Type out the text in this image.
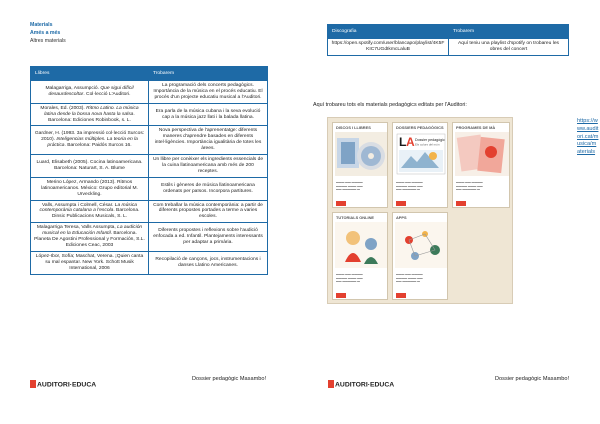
Materials
Amés a més
Altres materials
Llibres	Trobarem
Malagarriga, Assumpció. Que sigui difícil desaurdescoltar. Col·lecció L'Auditori.	La programació dels concerts pedagògics. Importància de la música en el procés educatiu. El procés d'un projecte educatiu musical a l'Auditori.
Morales, Ed. (2003). Ritmo Latino. La música latina desde la bossa nova hasta la salsa. Barcelona: Ediciones Robinbook, s. L.	Era parla de la música cubana i la seva evolució cap a la música jazz llati i la balada llatina.
Gardner, H. (1993. 3a impressió col·lecció Surcos: 2010). Inteligencias múltiples. La teoria en la práctica. Barcelona: Paidós Surcos 16.	Nova perspectiva de l'aprenentatge: diferents maneres d'aprendre basades en diferents intel·ligències. Importància igualitària de totes les àrees.
Luard, Elisabeth (2005). Cocina latinoamericana. Barcelona: Naturart, S. A. Blume	Un llibre per conèixer els ingredients essencials de la cuina llatinoamericana amb més de 200 receptes.
Merino López, Armando (2013). Ritmos latinoamericanos. México: Grupo editorial M. Urveckling.	Estils i gèneres de música llatinoamericana ordenats per països. Incorpora partitures.
Valls, Assumpta i Colmell, César. La música contemporània catalana a l'escola. Barcelona. Dinsic Publicacions Musicals, S. L.	Com treballar la música contemporània: a partir de diferents propostes portades a terme a varies escoles.
Malagarriga Teresa, Valls Assumpta, La audición musical en la Educación Infantil. Barcelona. Planeta De Agostini Professional y Formación, S.L. Ediciones Ceac, 2003	Diferents propostes i reflexions sobre l'audició enfocada a ed. Infantil. Plantejaments interessants per adaptar a primària.
López-Ibor, Sofía; Maschat, Verena. ¡Quien canta su mal espanta!. New York. Schott Musik International, 2006	Recopilació de cançons, jocs, instrumentacions i danses Llatino Americanes.
AUDITORI·EDUCA
Dossier pedagògic Masambo!
Discografia	Trobarem
https://open.spotify.com/user/blancapo/playlist/4K5FKIC7UGdIkmcLaluB	Aquí teniu una playlist d'spotify on trobareu les obres del concert
Aquí trobareu tots els materials pedagògics editats per l'Auditori:
DISCOS I LLIBRES
▬▬▬ ▬▬ ▬▬▬▬
▬▬▬▬ ▬▬▬ ▬▬
▬▬ ▬▬▬▬▬ ▬
DOSSIERS PEDAGÒGICS
L A Dossier pedagògic
Els colors del món
▬▬▬ ▬▬ ▬▬▬▬
▬▬▬▬ ▬▬▬ ▬▬
▬▬ ▬▬▬▬▬ ▬
PROGRAMES DE MÀ
▬▬▬ ▬▬ ▬▬▬▬
▬▬▬▬ ▬▬▬ ▬▬
▬▬ ▬▬▬▬▬ ▬
TUTORIALS ONLINE
▬▬▬ ▬▬ ▬▬▬▬
▬▬▬▬ ▬▬▬ ▬▬
▬▬ ▬▬▬▬▬ ▬
APPS
▬▬▬ ▬▬ ▬▬▬▬
▬▬▬▬ ▬▬▬ ▬▬
▬▬ ▬▬▬▬▬ ▬
https://www.auditori.cat/musica/materials
AUDITORI·EDUCA
Dossier pedagògic Masambo!
